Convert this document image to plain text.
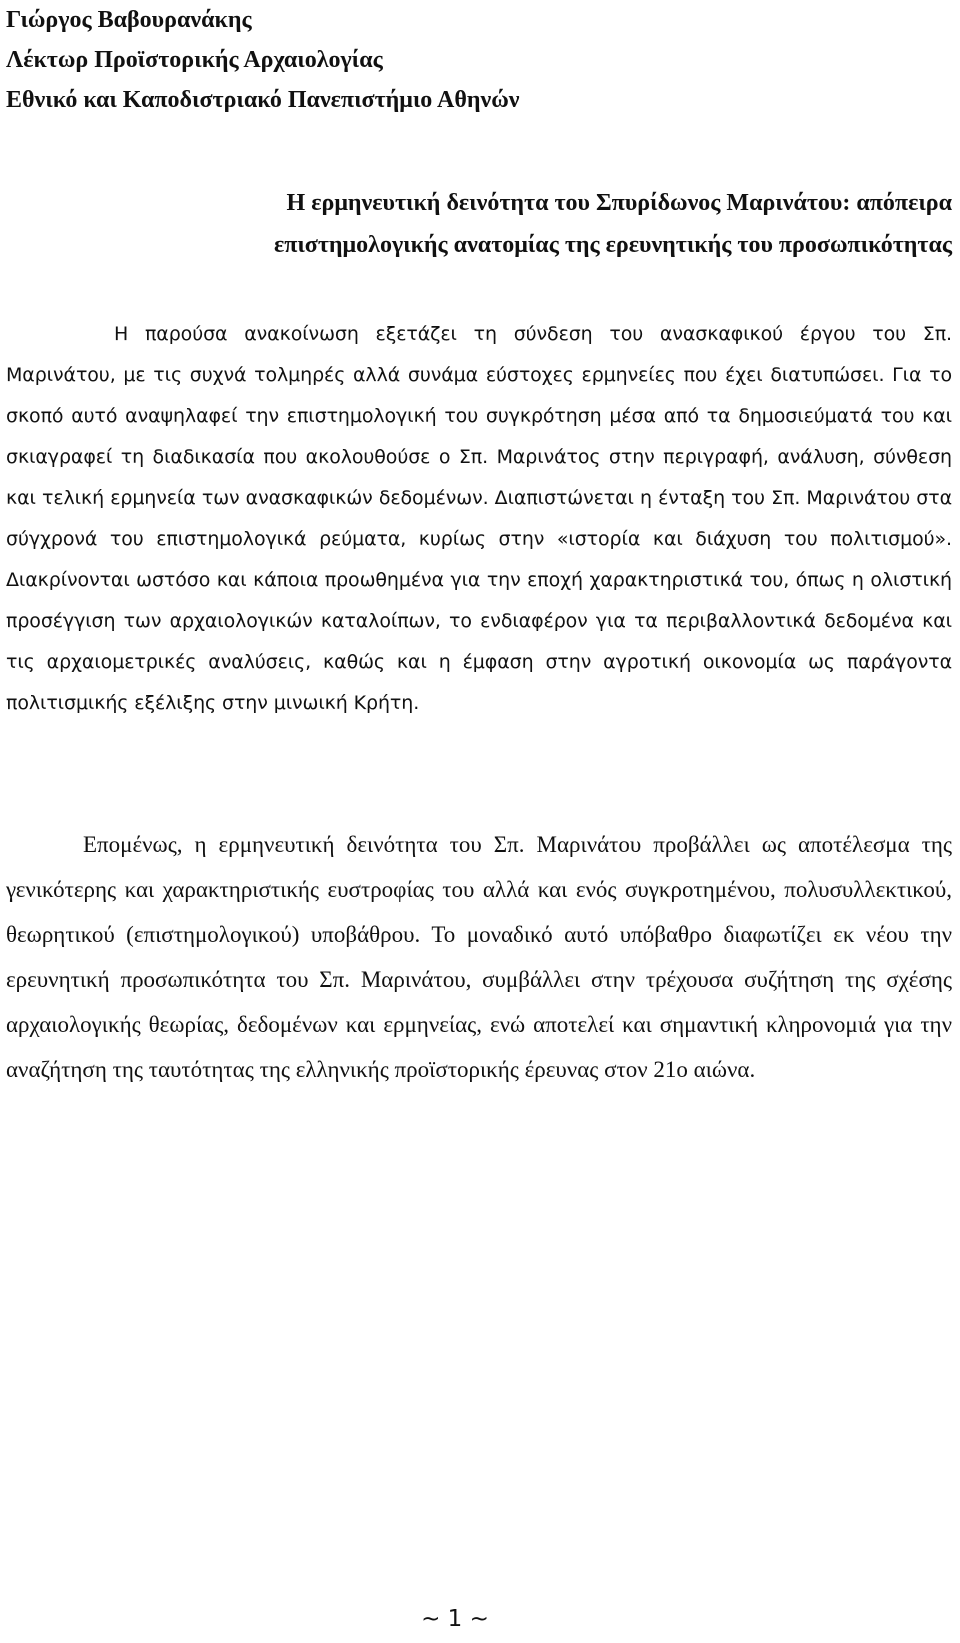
Γιώργος Βαβουρανάκης
Λέκτωρ Προϊστορικής Αρχαιολογίας
Εθνικό και Καποδιστριακό Πανεπιστήμιο Αθηνών
Η ερμηνευτική δεινότητα του Σπυρίδωνος Μαρινάτου: απόπειρα
επιστημολογικής ανατομίας της ερευνητικής του προσωπικότητας

Η παρούσα ανακοίνωση εξετάζει τη σύνδεση του ανασκαφικού έργου του Σπ. Μαρινάτου, με τις συχνά τολμηρές αλλά συνάμα εύστοχες ερμηνείες που έχει διατυπώσει. Για το σκοπό αυτό αναψηλαφεί την επιστημολογική του συγκρότηση μέσα από τα δημοσιεύματά του και σκιαγραφεί τη διαδικασία που ακολουθούσε ο Σπ. Μαρινάτος στην περιγραφή, ανάλυση, σύνθεση και τελική ερμηνεία των ανασκαφικών δεδομένων. Διαπιστώνεται η ένταξη του Σπ. Μαρινάτου στα σύγχρονά του επιστημολογικά ρεύματα, κυρίως στην «ιστορία και διάχυση του πολιτισμού». Διακρίνονται ωστόσο και κάποια προωθημένα για την εποχή χαρακτηριστικά του, όπως η ολιστική προσέγγιση των αρχαιολογικών καταλοίπων, το ενδιαφέρον για τα περιβαλλοντικά δεδομένα και τις αρχαιομετρικές αναλύσεις, καθώς και η έμφαση στην αγροτική οικονομία ως παράγοντα πολιτισμικής εξέλιξης στην μινωική Κρήτη.

Επομένως, η ερμηνευτική δεινότητα του Σπ. Μαρινάτου προβάλλει ως αποτέλεσμα της γενικότερης και χαρακτηριστικής ευστροφίας του αλλά και ενός συγκροτημένου, πολυσυλλεκτικού, θεωρητικού (επιστημολογικού) υποβάθρου. Το μοναδικό αυτό υπόβαθρο διαφωτίζει εκ νέου την ερευνητική προσωπικότητα του Σπ. Μαρινάτου, συμβάλλει στην τρέχουσα συζήτηση της σχέσης αρχαιολογικής θεωρίας, δεδομένων και ερμηνείας, ενώ αποτελεί και σημαντική κληρονομιά για την αναζήτηση της ταυτότητας της ελληνικής προϊστορικής έρευνας στον 21ο αιώνα.

~ 1 ~
